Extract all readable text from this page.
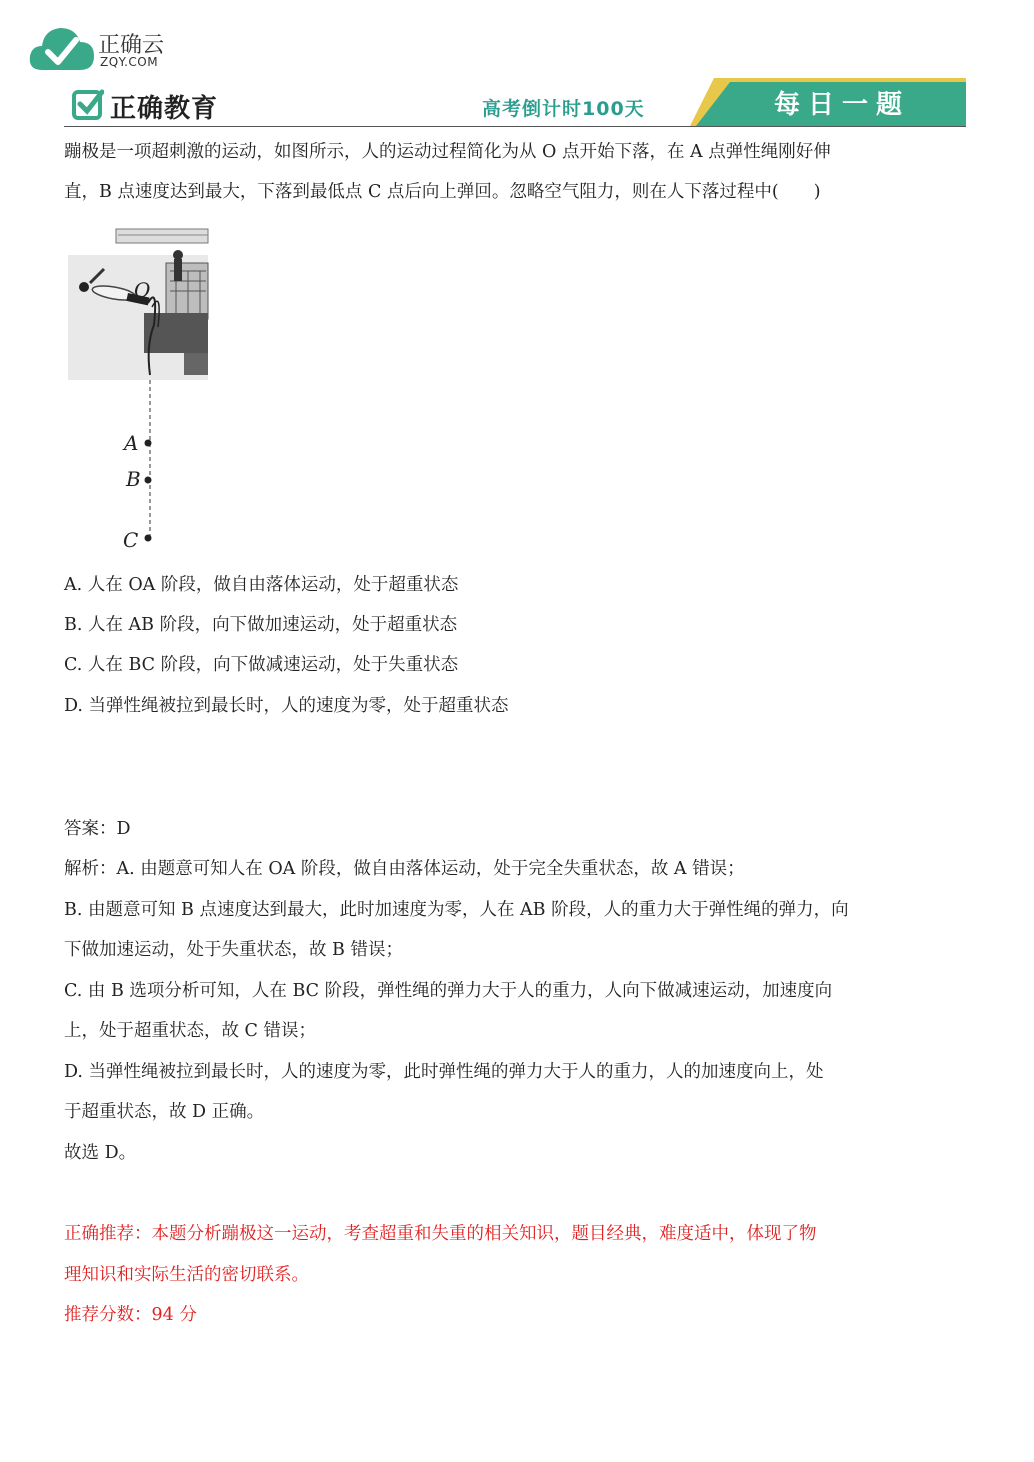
正确云
ZQY.COM
正确教育	高考倒计时100天	每日一题
蹦极是一项超刺激的运动，如图所示，人的运动过程简化为从 O 点开始下落，在 A 点弹性绳刚好伸
直，B 点速度达到最大，下落到最低点 C 点后向上弹回。忽略空气阻力，则在人下落过程中(　　)
O
A
B
C
A. 人在 OA 阶段，做自由落体运动，处于超重状态
B. 人在 AB 阶段，向下做加速运动，处于超重状态
C. 人在 BC 阶段，向下做减速运动，处于失重状态
D. 当弹性绳被拉到最长时，人的速度为零，处于超重状态
答案：D
解析：A. 由题意可知人在 OA 阶段，做自由落体运动，处于完全失重状态，故 A 错误；
B. 由题意可知 B 点速度达到最大，此时加速度为零，人在 AB 阶段，人的重力大于弹性绳的弹力，向
下做加速运动，处于失重状态，故 B 错误；
C. 由 B 选项分析可知，人在 BC 阶段，弹性绳的弹力大于人的重力，人向下做减速运动，加速度向
上，处于超重状态，故 C 错误；
D. 当弹性绳被拉到最长时，人的速度为零，此时弹性绳的弹力大于人的重力，人的加速度向上，处
于超重状态，故 D 正确。
故选 D。
正确推荐：本题分析蹦极这一运动，考查超重和失重的相关知识，题目经典，难度适中，体现了物
理知识和实际生活的密切联系。
推荐分数：94 分
